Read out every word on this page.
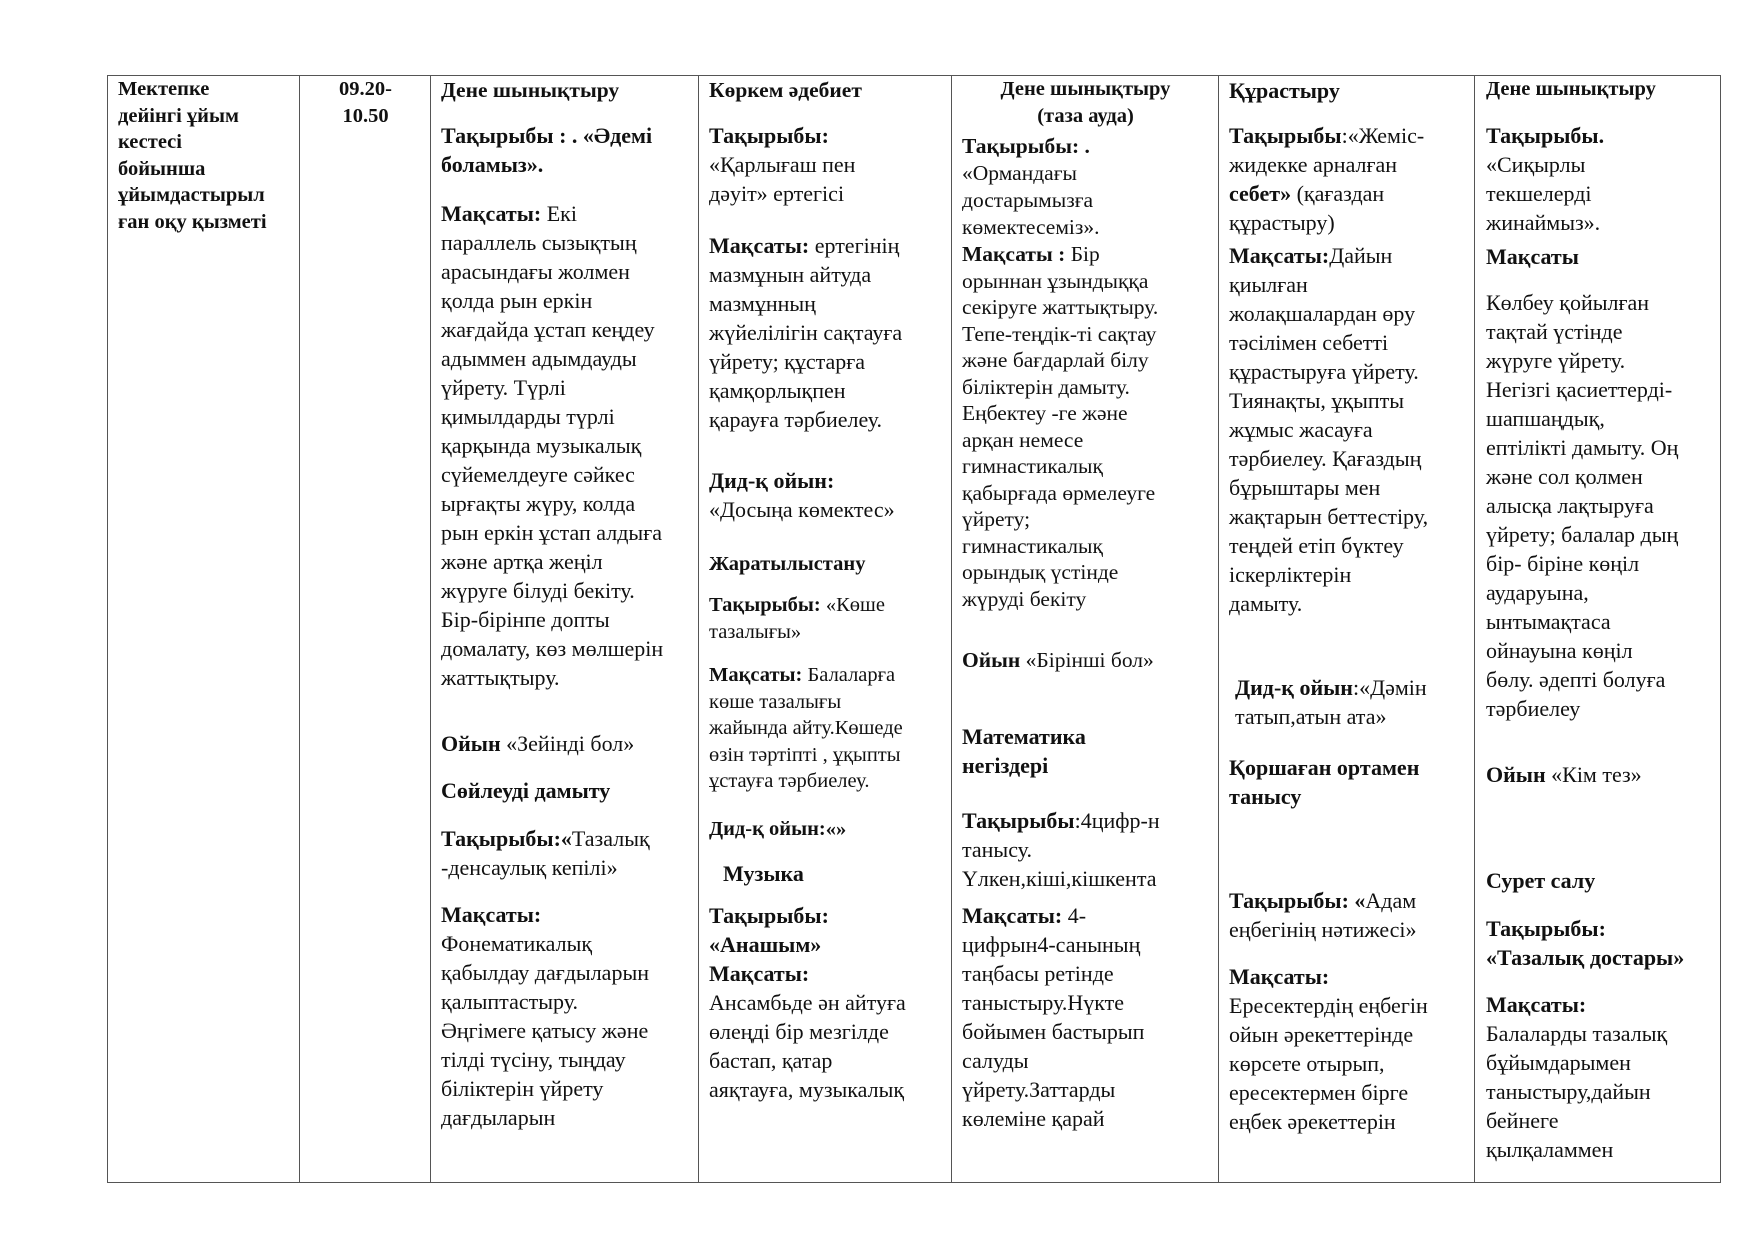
Мектепке
дейінгі ұйым
кестесі
бойынша
ұйымдастырыл
ған оқу қызметі
09.20-
10.50
Дене шынықтыру
Тақырыбы : . «Әдемі
боламыз».
Мақсаты: Екі
параллель сызықтың
арасындағы жолмен
қолда рын еркін
жағдайда ұстап кеңдеу
адыммен адымдауды
үйрету. Түрлі
қимылдарды түрлі
қарқында музыкалық
сүйемелдеуге сәйкес
ырғақты жүру, колда
рын еркін ұстап алдыға
және артқа жеңіл
жүруге білуді бекіту.
Бір-бірінпе допты
домалату, көз мөлшерін
жаттықтыру.
Ойын «Зейінді бол»
Сөйлеуді дамыту
Тақырыбы:«Тазалық
-денсаулық кепілі»
Мақсаты:
Фонематикалық
қабылдау дағдыларын
қалыптастыру.
Әңгімеге қатысу және
тілді түсіну, тыңдау
біліктерін үйрету
дағдыларын
Көркем әдебиет
Тақырыбы:
«Қарлығаш пен
дәуіт» ертегісі
Мақсаты: ертегінің
мазмұнын айтуда
мазмұнның
жүйелілігін сақтауға
үйрету; құстарға
қамқорлықпен
қарауға тәрбиелеу.
Дид-қ ойын:
«Досыңа көмектес»
Жаратылыстану
Тақырыбы: «Көше
тазалығы»
Мақсаты: Балаларға
көше тазалығы
жайында айту.Көшеде
өзін тәртіпті , ұқыпты
ұстауға тәрбиелеу.
Дид-қ ойын:«»
Музыка
Тақырыбы:
«Анашым»
Мақсаты:
Ансамбьде ән айтуға
өлеңді бір мезгілде
бастап, қатар
аяқтауға, музыкалық
Дене шынықтыру
(таза ауда)
Тақырыбы: .
«Ормандағы
достарымызға
көмектесеміз».
Мақсаты : Бір
орыннан ұзындыққа
секіруге жаттықтыру.
Тепе-теңдік-ті сақтау
және бағдарлай білу
біліктерін дамыту.
Еңбектеу -ге және
арқан немесе
гимнастикалық
қабырғада өрмелеуге
үйрету;
гимнастикалық
орындық үстінде
жүруді бекіту
Ойын «Бірінші бол»
Математика
негіздері
Тақырыбы:4цифр-н
танысу.
Үлкен,кіші,кішкента
Мақсаты: 4-
цифрын4-санының
таңбасы ретінде
таныстыру.Нүкте
бойымен бастырып
салуды
үйрету.Заттарды
көлеміне қарай
Құрастыру
Тақырыбы:«Жеміс-
жидекке арналған
себет» (қағаздан
құрастыру)
Мақсаты:Дайын
қиылған
жолақшалардан өру
тәсілімен себетті
құрастыруға үйрету.
Тиянақты, ұқыпты
жұмыс жасауға
тәрбиелеу. Қағаздың
бұрыштары мен
жақтарын беттестіру,
теңдей етіп бүктеу
іскерліктерін
дамыту.
Дид-қ ойын:«Дәмін
татып,атын ата»
Қоршаған ортамен
танысу
Тақырыбы: «Адам
еңбегінің нәтижесі»
Мақсаты:
Ересектердің еңбегін
ойын әрекеттерінде
көрсете отырып,
ересектермен бірге
еңбек әрекеттерін
Дене шынықтыру
Тақырыбы.
«Сиқырлы
текшелерді
жинаймыз».
Мақсаты
Көлбеу қойылған
тақтай үстінде
жүруге үйрету.
Негізгі қасиеттерді-
шапшаңдық,
ептілікті дамыту. Оң
және сол қолмен
алысқа лақтыруға
үйрету; балалар дың
бір- біріне көңіл
аударуына,
ынтымақтаса
ойнауына көңіл
бөлу. әдепті болуға
тәрбиелеу
Ойын «Кім тез»
Сурет салу
Тақырыбы:
«Тазалық достары»
Мақсаты:
Балаларды тазалық
бұйымдарымен
таныстыру,дайын
бейнеге
қылқаламмен
